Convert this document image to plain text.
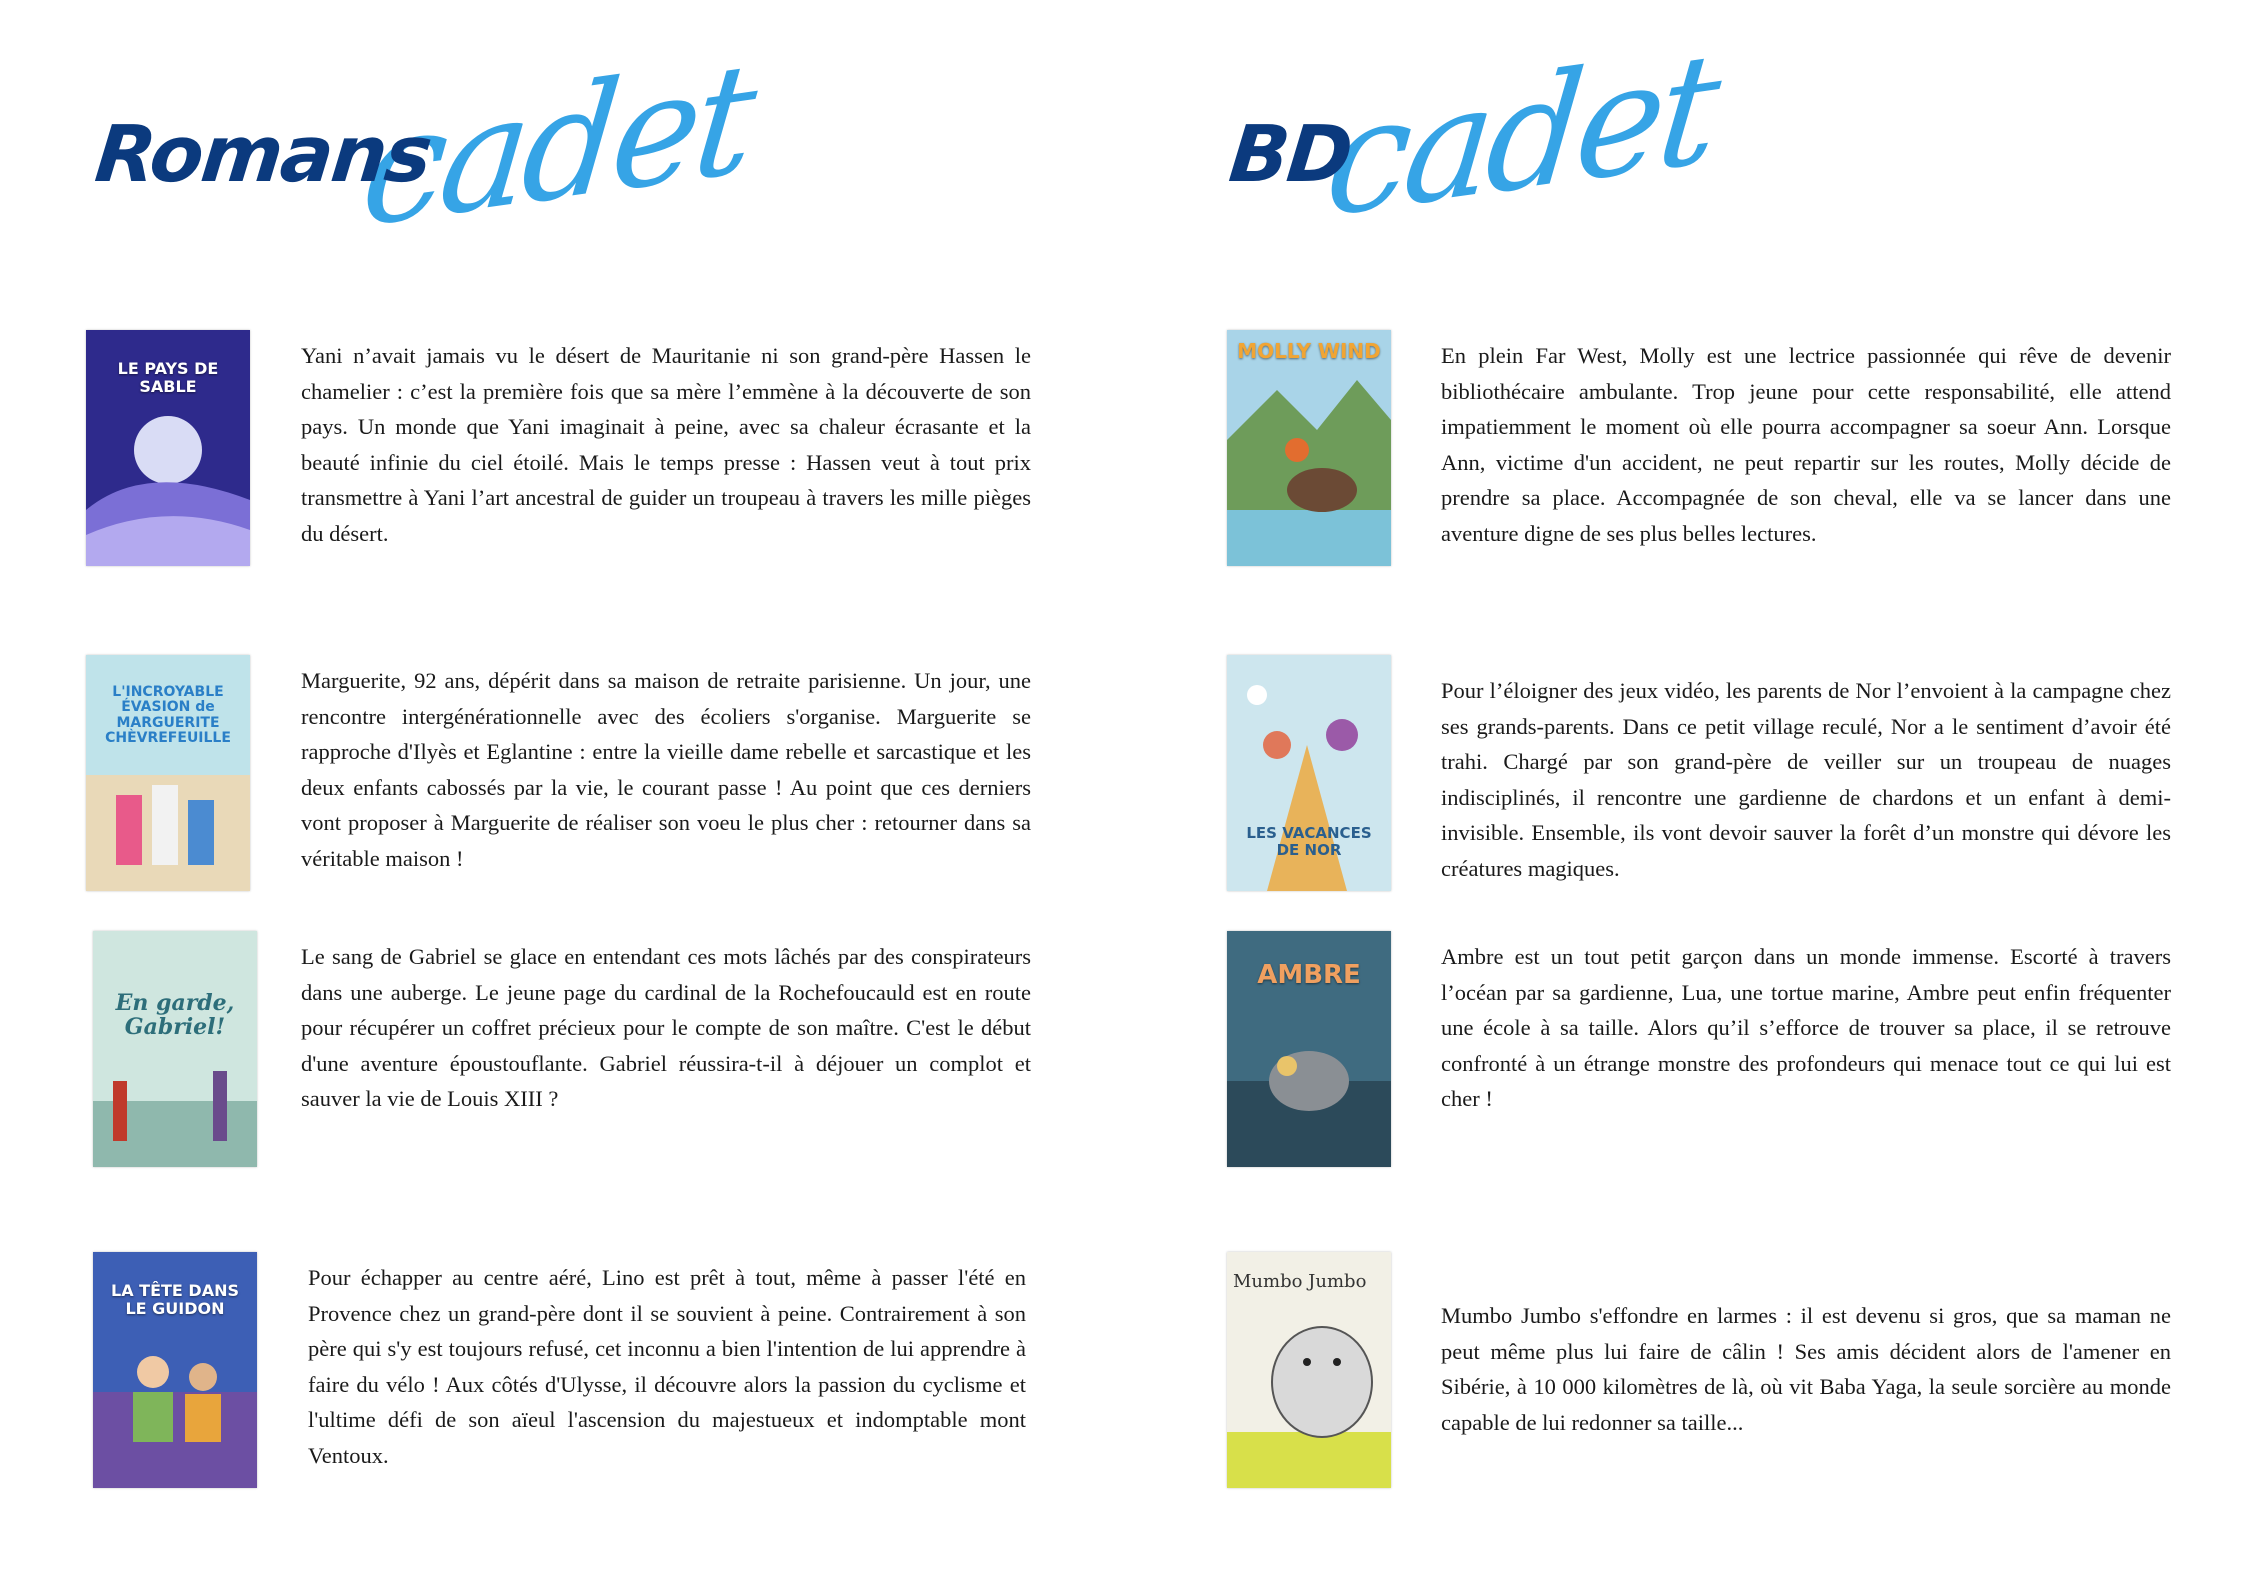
cadet
Romans
LE PAYS DE SABLE

Yani n’avait jamais vu le désert de Mauritanie ni son grand-père Hassen le chamelier : c’est la première fois que sa mère l’emmène à la découverte de son pays. Un monde que Yani imaginait à peine, avec sa chaleur écrasante et la beauté infinie du ciel étoilé. Mais le temps presse : Hassen veut à tout prix transmettre à Yani l’art ancestral de guider un troupeau à travers les mille pièges du désert.

L'INCROYABLE ÉVASION de MARGUERITE CHÈVREFEUILLE

Marguerite, 92 ans, dépérit dans sa maison de retraite parisienne. Un jour, une rencontre intergénérationnelle avec des écoliers s'organise. Marguerite se rapproche d'Ilyès et Eglantine : entre la vieille dame rebelle et sarcastique et les deux enfants cabossés par la vie, le courant passe ! Au point que ces derniers vont proposer à Marguerite de réaliser son voeu le plus cher : retourner dans sa véritable maison !

En garde, Gabriel!

Le sang de Gabriel se glace en entendant ces mots lâchés par des conspirateurs dans une auberge. Le jeune page du cardinal de la Rochefoucauld est en route pour récupérer un coffret précieux pour le compte de son maître. C'est le début d'une aventure époustouflante. Gabriel réussira-t-il à déjouer un complot et sauver la vie de Louis XIII ?

LA TÊTE DANS LE GUIDON

Pour échapper au centre aéré, Lino est prêt à tout, même à passer l'été en Provence chez un grand-père dont il se souvient à peine. Contrairement à son père qui s'y est toujours refusé, cet inconnu a bien l'intention de lui apprendre à faire du vélo ! Aux côtés d'Ulysse, il découvre alors la passion du cyclisme et l'ultime défi de son aïeul l'ascension du majestueux et indomptable mont Ventoux.

cadet
BD
MOLLY WIND	En plein Far West, Molly est une lectrice passionnée qui rêve de devenir bibliothécaire ambulante. Trop jeune pour cette responsabilité, elle attend impatiemment le moment où elle pourra accompagner sa soeur Ann. Lorsque Ann, victime d'un accident, ne peut repartir sur les routes, Molly décide de prendre sa place. Accompagnée de son cheval, elle va se lancer dans une aventure digne de ses plus belles lectures.

LES VACANCES DE NOR

Pour l’éloigner des jeux vidéo, les parents de Nor l’envoient à la campagne chez ses grands-parents. Dans ce petit village reculé, Nor a le sentiment d’avoir été trahi. Chargé par son grand-père de veiller sur un troupeau de nuages indisciplinés, il rencontre une gardienne de chardons et un enfant à demi-invisible. Ensemble, ils vont devoir sauver la forêt d’un monstre qui dévore les créatures magiques.

AMBRE

Ambre est un tout petit garçon dans un monde immense. Escorté à travers l’océan par sa gardienne, Lua, une tortue marine, Ambre peut enfin fréquenter une école à sa taille. Alors qu’il s’efforce de trouver sa place, il se retrouve confronté à un étrange monstre des profondeurs qui menace tout ce qui lui est cher !

Mumbo Jumbo

Mumbo Jumbo s'effondre en larmes : il est devenu si gros, que sa maman ne peut même plus lui faire de câlin ! Ses amis décident alors de l'amener en Sibérie, à 10 000 kilomètres de là, où vit Baba Yaga, la seule sorcière au monde capable de lui redonner sa taille...
